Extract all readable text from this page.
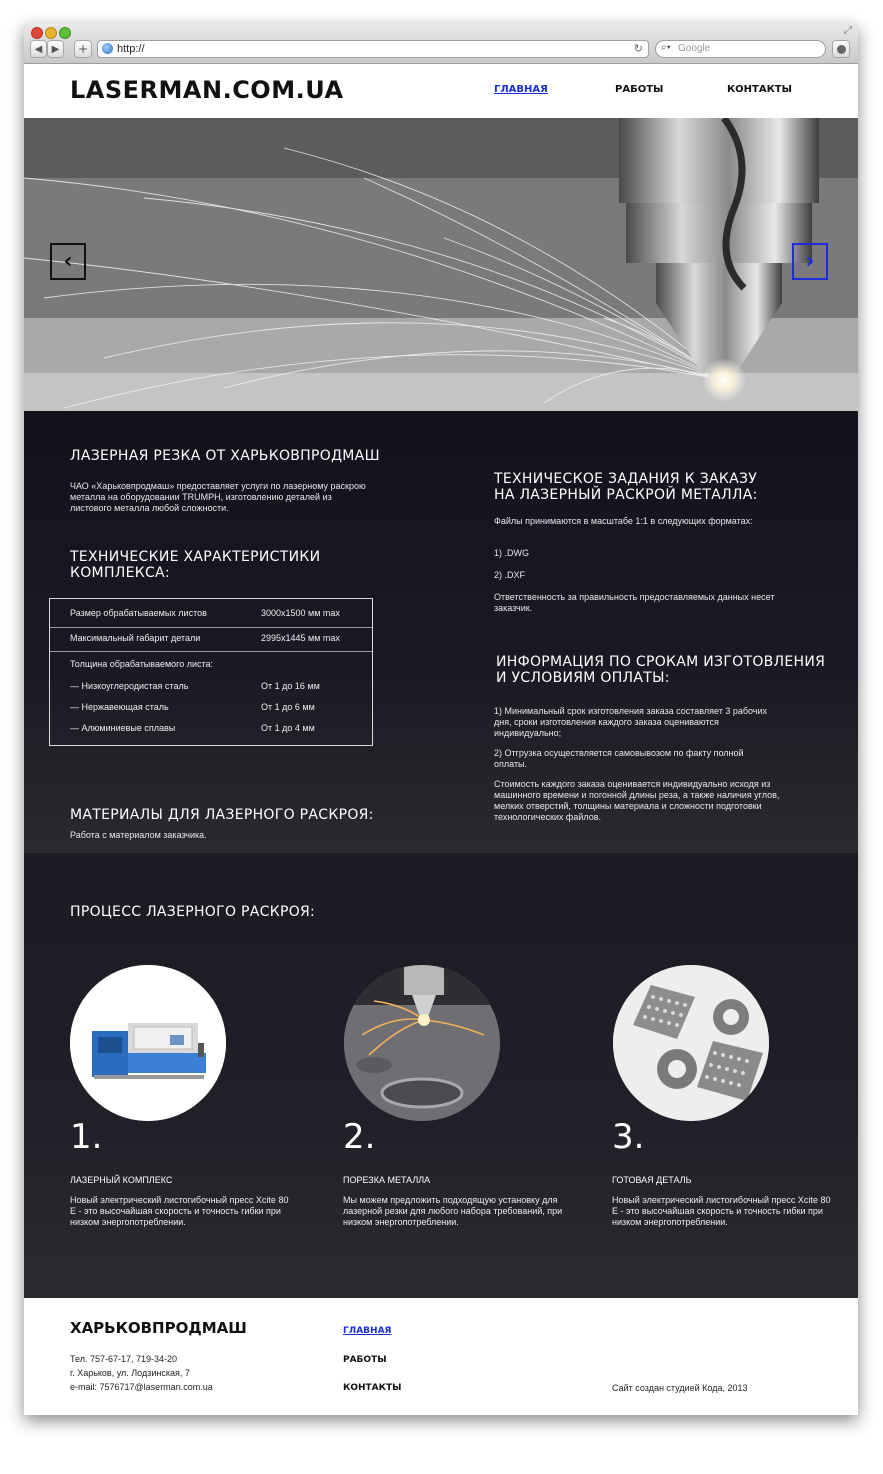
⤢
◀ ▶	+	http://	↻ ⌕▾ Google
LASERMAN.COM.UA	ГЛАВНАЯ	РАБОТЫ	КОНТАКТЫ
‹	›
ЛАЗЕРНАЯ РЕЗКА ОТ ХАРЬКОВПРОДМАШ
ЧАО «Харьковпродмаш» предоставляет услуги по лазерному раскрою металла на оборудовании TRUMPH, изготовлению деталей из листового металла любой сложности.
ТЕХНИЧЕСКИЕ ХАРАКТЕРИСТИКИ КОМПЛЕКСА:
Размер обрабатываемых листов	3000х1500 мм max
Максимальный габарит детали	2995х1445 мм max
Толщина обрабатываемого листа:
— Низкоуглеродистая сталь	От 1 до 16 мм
— Нержавеющая сталь	От 1 до 6 мм
— Алюминиевые сплавы	От 1 до 4 мм
МАТЕРИАЛЫ ДЛЯ ЛАЗЕРНОГО РАСКРОЯ:
Работа с материалом заказчика.
ТЕХНИЧЕСКОЕ ЗАДАНИЯ К ЗАКАЗУ НА ЛАЗЕРНЫЙ РАСКРОЙ МЕТАЛЛА:
Файлы принимаются в масштабе 1:1 в следующих форматах:
1) .DWG
2) .DXF
Ответственность за правильность предоставляемых данных несет заказчик.
ИНФОРМАЦИЯ ПО СРОКАМ ИЗГОТОВЛЕНИЯ И УСЛОВИЯМ ОПЛАТЫ:
1) Минимальный срок изготовления заказа составляет 3 рабочих дня, сроки изготовления каждого заказа оцениваются индивидуально;
2) Отгрузка осуществляется самовывозом по факту полной оплаты.
Стоимость каждого заказа оценивается индивидуально исходя из машинного времени и погонной длины реза, а также наличия углов, мелких отверстий, толщины материала и сложности подготовки технологических файлов.
ПРОЦЕСС ЛАЗЕРНОГО РАСКРОЯ:
1.	2.	3.
ЛАЗЕРНЫЙ КОМПЛЕКС	ПОРЕЗКА МЕТАЛЛА	ГОТОВАЯ ДЕТАЛЬ
Новый электрический листогибочный пресс Xcite 80 E - это высочайшая скорость и точность гибки при низком энергопотреблении.
Мы можем предложить подходящую установку для лазерной резки для любого набора требований, при низком энергопотреблении.
Новый электрический листогибочный пресс Xcite 80 E - это высочайшая скорость и точность гибки при низком энергопотреблении.
ХАРЬКОВПРОДМАШ
Тел. 757-67-17, 719-34-20
г. Харьков, ул. Лодзинская, 7
e-mail: 7576717@laserman.com.ua
ГЛАВНАЯ
РАБОТЫ
КОНТАКТЫ	Сайт создан студией Кода, 2013
